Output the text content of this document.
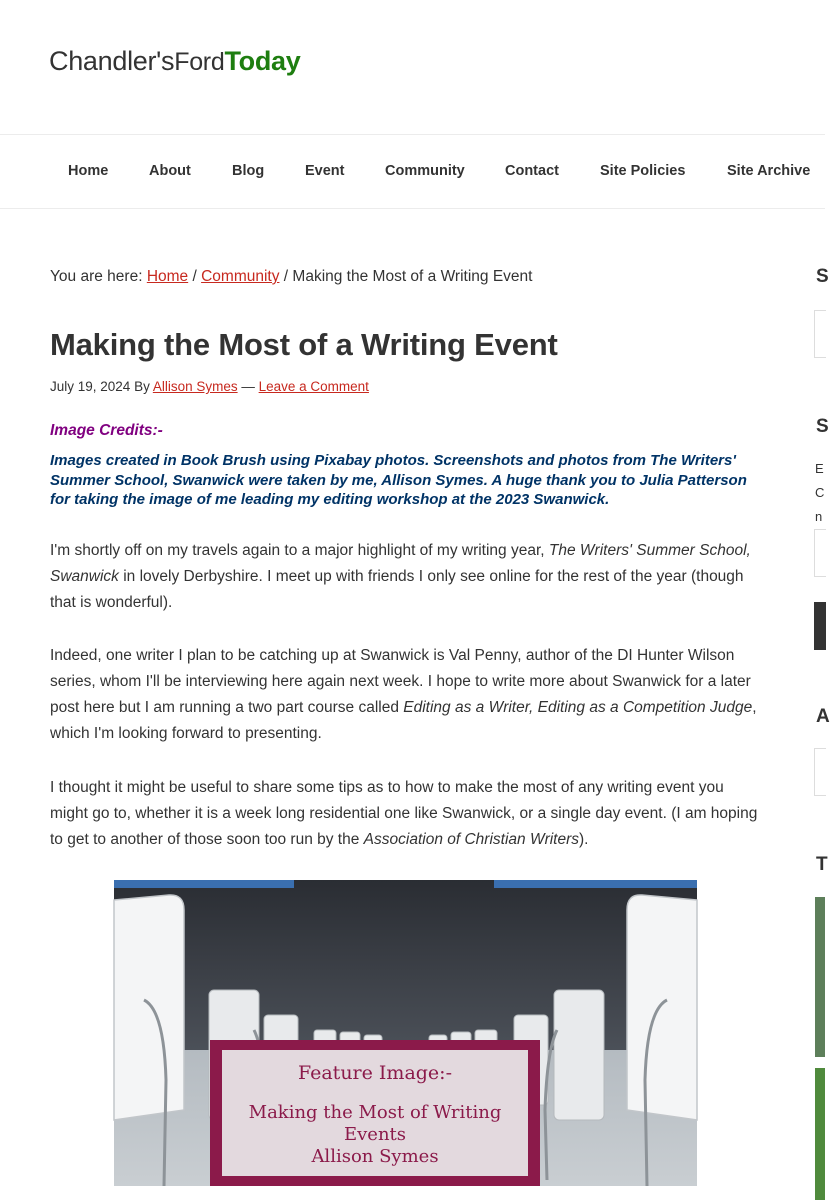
Chandler'sFordToday
Home	About	Blog	Event	Community	Contact	Site Policies	Site Archive
You are here: Home / Community / Making the Most of a Writing Event
Making the Most of a Writing Event
July 19, 2024 By Allison Symes — Leave a Comment
Image Credits:-
Images created in Book Brush using Pixabay photos. Screenshots and photos from The Writers' Summer School, Swanwick were taken by me, Allison Symes. A huge thank you to Julia Patterson for taking the image of me leading my editing workshop at the 2023 Swanwick.

I'm shortly off on my travels again to a major highlight of my writing year, The Writers' Summer School, Swanwick in lovely Derbyshire. I meet up with friends I only see online for the rest of the year (though that is wonderful).

Indeed, one writer I plan to be catching up at Swanwick is Val Penny, author of the DI Hunter Wilson series, whom I'll be interviewing here again next week. I hope to write more about Swanwick for a later post here but I am running a two part course called Editing as a Writer, Editing as a Competition Judge, which I'm looking forward to presenting.

I thought it might be useful to share some tips as to how to make the most of any writing event you might go to, whether it is a week long residential one like Swanwick, or a single day event. (I am hoping to get to another of those soon too run by the Association of Christian Writers).

Feature Image:-
Making the Most of Writing Events
Allison Symes
S
S
E
C
n
A
T
